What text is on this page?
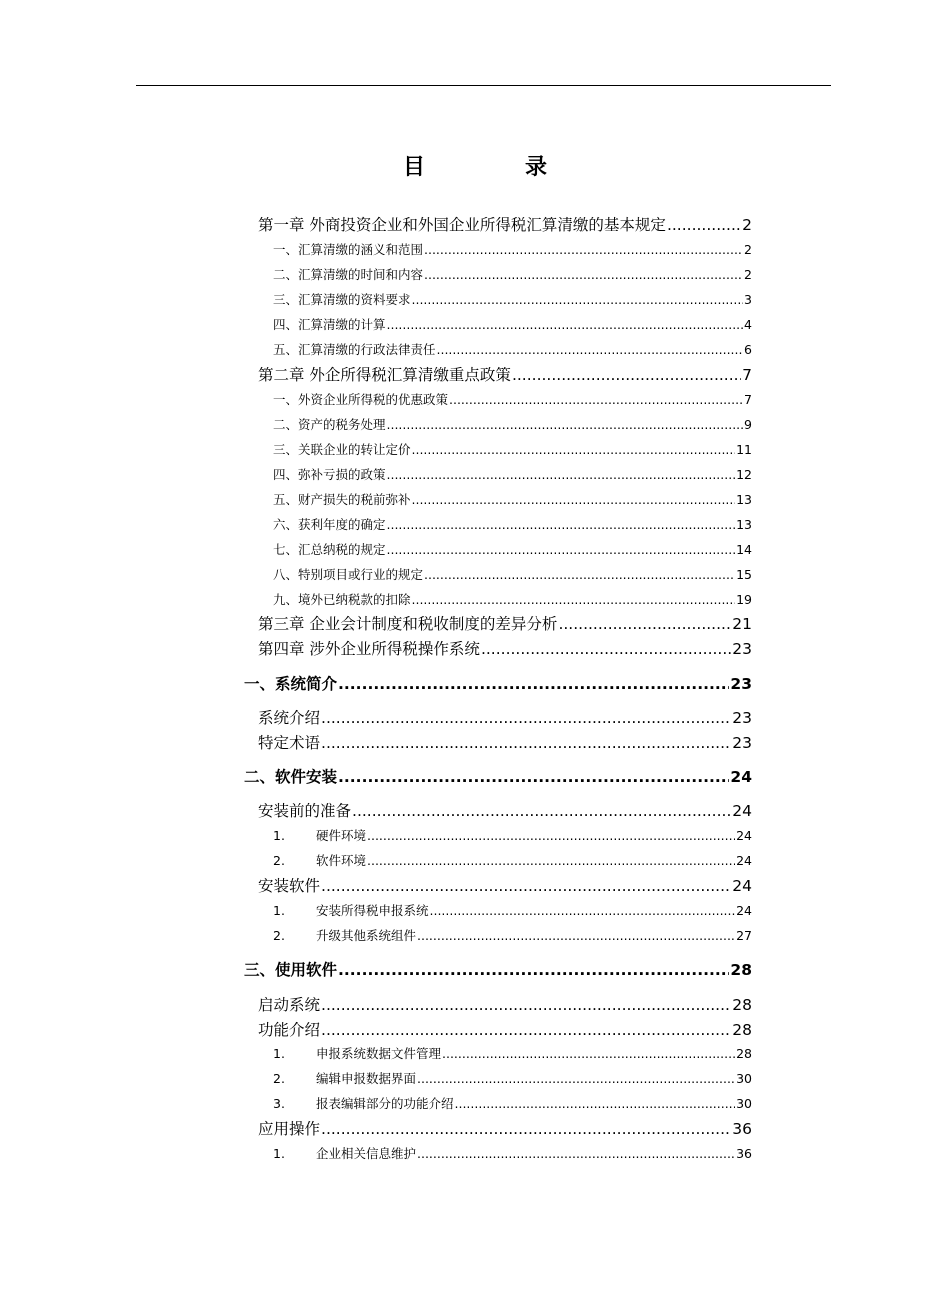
目	录
第一章 外商投资企业和外国企业所得税汇算清缴的基本规定 .....	2
一、汇算清缴的涵义和范围 .....	2
二、汇算清缴的时间和内容 .....	2
三、汇算清缴的资料要求 .....	3
四、汇算清缴的计算 .....	4
五、汇算清缴的行政法律责任 .....	6
第二章 外企所得税汇算清缴重点政策 .....	7
一、外资企业所得税的优惠政策 .....	7
二、资产的税务处理 .....	9
三、关联企业的转让定价 .....	11
四、弥补亏损的政策 .....	12
五、财产损失的税前弥补 .....	13
六、获利年度的确定 .....	13
七、汇总纳税的规定 .....	14
八、特别项目或行业的规定 .....	15
九、境外已纳税款的扣除 .....	19
第三章 企业会计制度和税收制度的差异分析 .....	21
第四章 涉外企业所得税操作系统 .....	23
一、系统简介 .....	23
系统介绍 .....	23
特定术语 .....	23
二、软件安装 .....	24
安装前的准备 .....	24
1.	硬件环境 .....	24
2.	软件环境 .....	24
安装软件 .....	24
1.	安装所得税申报系统 .....	24
2.	升级其他系统组件 .....	27
三、使用软件 .....	28
启动系统 .....	28
功能介绍 .....	28
1.	申报系统数据文件管理 .....	28
2.	编辑申报数据界面 .....	30
3.	报表编辑部分的功能介绍 .....	30
应用操作 .....	36
1.	企业相关信息维护 .....	36
